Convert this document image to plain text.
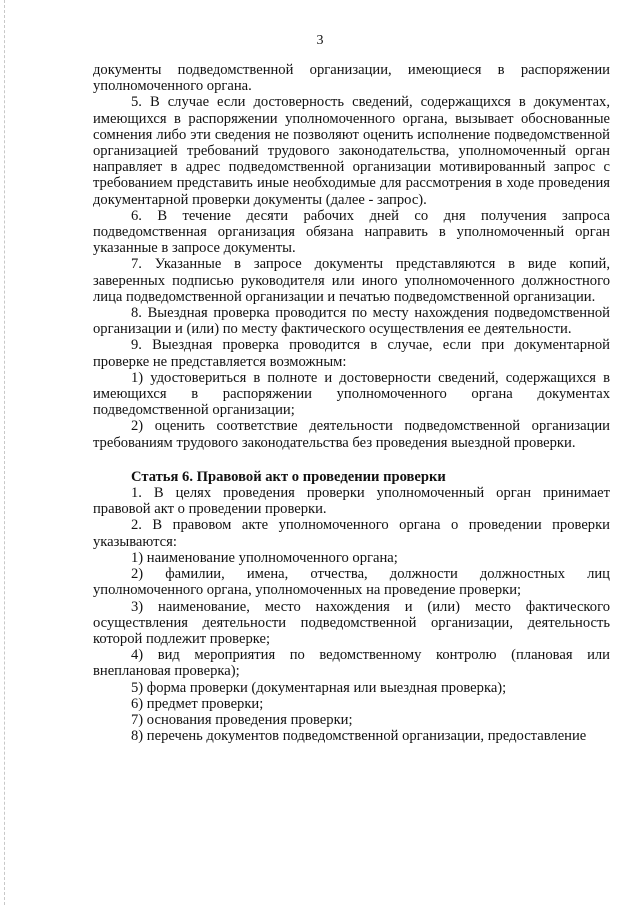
3

документы подведомственной организации, имеющиеся в распоряжении уполномоченного органа.

5. В случае если достоверность сведений, содержащихся в документах, имеющихся в распоряжении уполномоченного органа, вызывает обоснованные сомнения либо эти сведения не позволяют оценить исполнение подведомственной организацией требований трудового законодательства, уполномоченный орган направляет в адрес подведомственной организации мотивированный запрос с требованием представить иные необходимые для рассмотрения в ходе проведения документарной проверки документы (далее - запрос).

6. В течение десяти рабочих дней со дня получения запроса подведомственная организация обязана направить в уполномоченный орган указанные в запросе документы.

7. Указанные в запросе документы представляются в виде копий, заверенных подписью руководителя или иного уполномоченного должностного лица подведомственной организации и печатью подведомственной организации.

8. Выездная проверка проводится по месту нахождения подведомственной организации и (или) по месту фактического осуществления ее деятельности.

9. Выездная проверка проводится в случае, если при документарной проверке не представляется возможным:

1) удостовериться в полноте и достоверности сведений, содержащихся в имеющихся в распоряжении уполномоченного органа документах подведомственной организации;

2) оценить соответствие деятельности подведомственной организации требованиям трудового законодательства без проведения выездной проверки.

Статья 6. Правовой акт о проведении проверки

1. В целях проведения проверки уполномоченный орган принимает правовой акт о проведении проверки.

2. В правовом акте уполномоченного органа о проведении проверки указываются:

1) наименование уполномоченного органа;

2) фамилии, имена, отчества, должности должностных лиц уполномоченного органа, уполномоченных на проведение проверки;

3) наименование, место нахождения и (или) место фактического осуществления деятельности подведомственной организации, деятельность которой подлежит проверке;

4) вид мероприятия по ведомственному контролю (плановая или внеплановая проверка);

5) форма проверки (документарная или выездная проверка);

6) предмет проверки;

7) основания проведения проверки;

8) перечень документов подведомственной организации, предоставление
